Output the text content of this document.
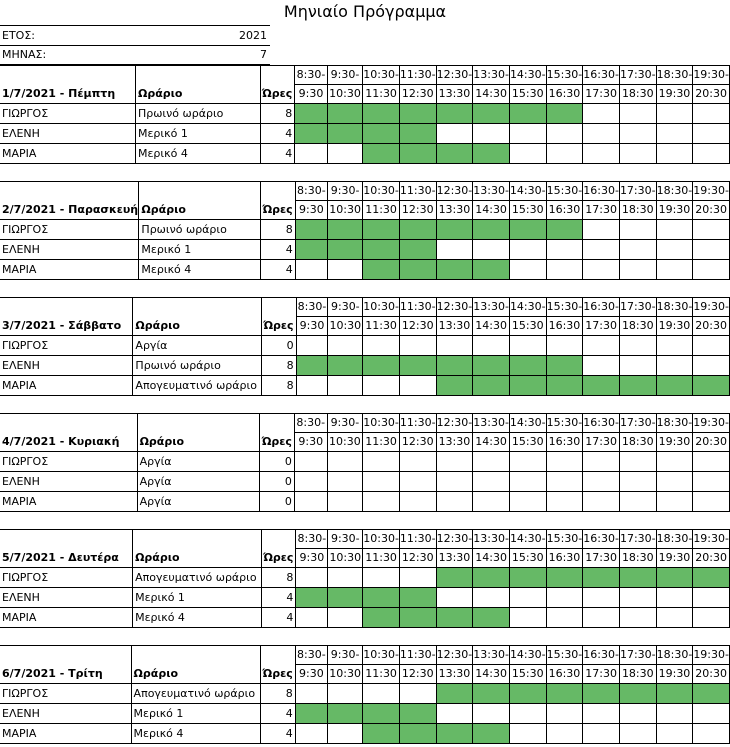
Μηνιαίο Πρόγραμμα
ΕΤΟΣ:	2021
ΜΗΝΑΣ:	7
1/7/2021 - Πέμπτη	Ωράριο	Ώρες	8:30-	9:30-	10:30-	11:30-	12:30-	13:30-	14:30-	15:30-	16:30-	17:30-	18:30-	19:30-
			9:30	10:30	11:30	12:30	13:30	14:30	15:30	16:30	17:30	18:30	19:30	20:30
ΓΙΩΡΓΟΣ	Πρωινό ωράριο	8												
ΕΛΕΝΗ	Μερικό 1	4												
ΜΑΡΙΑ	Μερικό 4	4												
2/7/2021 - Παρασκευή	Ωράριο	Ώρες	8:30-	9:30-	10:30-	11:30-	12:30-	13:30-	14:30-	15:30-	16:30-	17:30-	18:30-	19:30-
			9:30	10:30	11:30	12:30	13:30	14:30	15:30	16:30	17:30	18:30	19:30	20:30
ΓΙΩΡΓΟΣ	Πρωινό ωράριο	8												
ΕΛΕΝΗ	Μερικό 1	4												
ΜΑΡΙΑ	Μερικό 4	4												
3/7/2021 - Σάββατο	Ωράριο	Ώρες	8:30-	9:30-	10:30-	11:30-	12:30-	13:30-	14:30-	15:30-	16:30-	17:30-	18:30-	19:30-
			9:30	10:30	11:30	12:30	13:30	14:30	15:30	16:30	17:30	18:30	19:30	20:30
ΓΙΩΡΓΟΣ	Αργία	0												
ΕΛΕΝΗ	Πρωινό ωράριο	8												
ΜΑΡΙΑ	Απογευματινό ωράριο	8												
4/7/2021 - Κυριακή	Ωράριο	Ώρες	8:30-	9:30-	10:30-	11:30-	12:30-	13:30-	14:30-	15:30-	16:30-	17:30-	18:30-	19:30-
			9:30	10:30	11:30	12:30	13:30	14:30	15:30	16:30	17:30	18:30	19:30	20:30
ΓΙΩΡΓΟΣ	Αργία	0												
ΕΛΕΝΗ	Αργία	0												
ΜΑΡΙΑ	Αργία	0												
5/7/2021 - Δευτέρα	Ωράριο	Ώρες	8:30-	9:30-	10:30-	11:30-	12:30-	13:30-	14:30-	15:30-	16:30-	17:30-	18:30-	19:30-
			9:30	10:30	11:30	12:30	13:30	14:30	15:30	16:30	17:30	18:30	19:30	20:30
ΓΙΩΡΓΟΣ	Απογευματινό ωράριο	8												
ΕΛΕΝΗ	Μερικό 1	4												
ΜΑΡΙΑ	Μερικό 4	4												
6/7/2021 - Τρίτη	Ωράριο	Ώρες	8:30-	9:30-	10:30-	11:30-	12:30-	13:30-	14:30-	15:30-	16:30-	17:30-	18:30-	19:30-
			9:30	10:30	11:30	12:30	13:30	14:30	15:30	16:30	17:30	18:30	19:30	20:30
ΓΙΩΡΓΟΣ	Απογευματινό ωράριο	8												
ΕΛΕΝΗ	Μερικό 1	4												
ΜΑΡΙΑ	Μερικό 4	4												
